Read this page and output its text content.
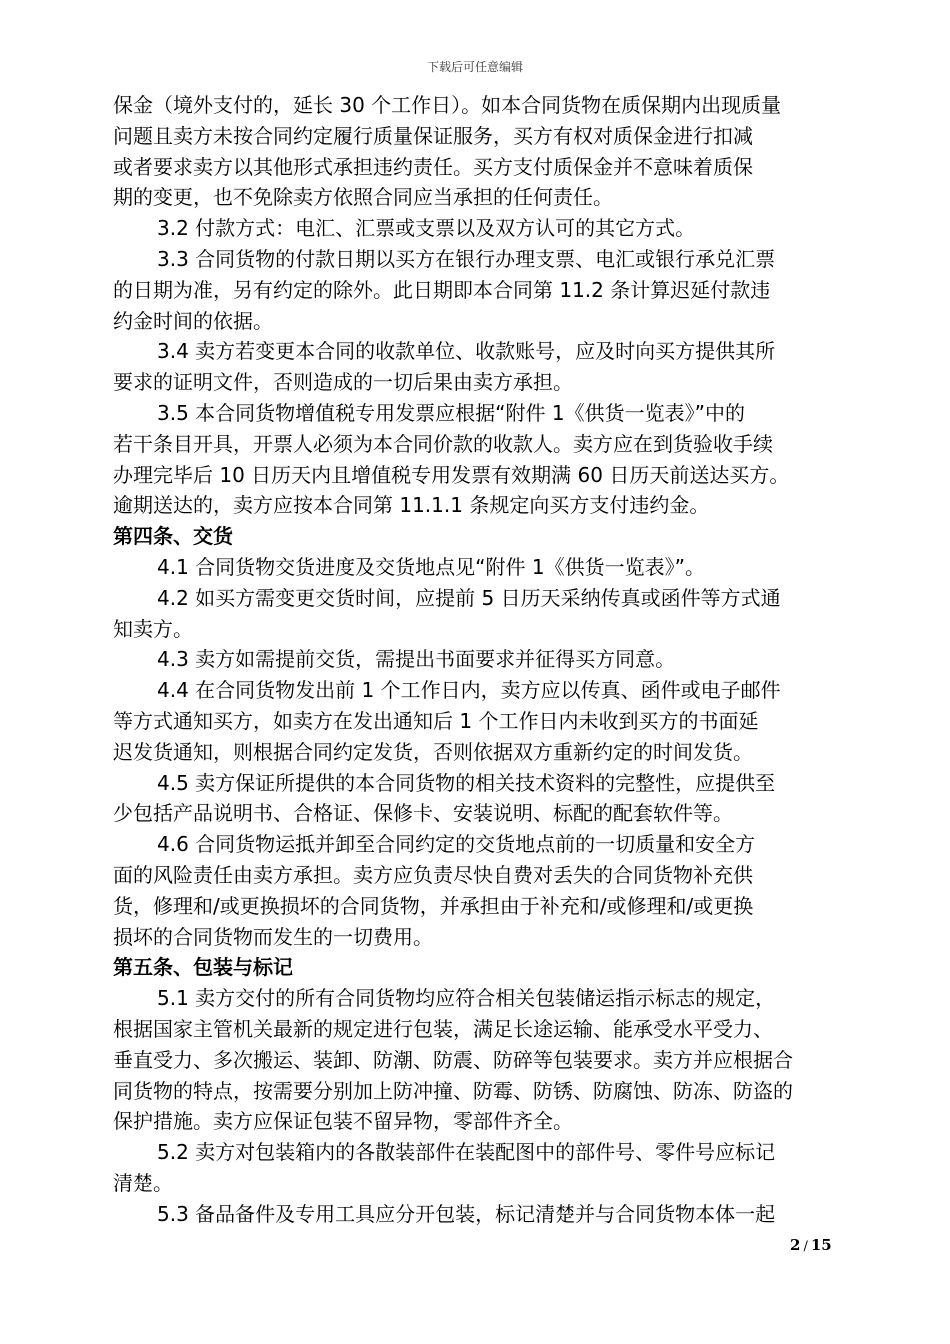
下载后可任意编辑
保金（境外支付的，延长 30 个工作日）。如本合同货物在质保期内出现质量
问题且卖方未按合同约定履行质量保证服务，买方有权对质保金进行扣减
或者要求卖方以其他形式承担违约责任。买方支付质保金并不意味着质保
期的变更，也不免除卖方依照合同应当承担的任何责任。
3.2 付款方式：电汇、汇票或支票以及双方认可的其它方式。
3.3 合同货物的付款日期以买方在银行办理支票、电汇或银行承兑汇票
的日期为准，另有约定的除外。此日期即本合同第 11.2 条计算迟延付款违
约金时间的依据。
3.4 卖方若变更本合同的收款单位、收款账号，应及时向买方提供其所
要求的证明文件，否则造成的一切后果由卖方承担。
3.5 本合同货物增值税专用发票应根据“附件 1《供货一览表》”中的
若干条目开具，开票人必须为本合同价款的收款人。卖方应在到货验收手续
办理完毕后 10 日历天内且增值税专用发票有效期满 60 日历天前送达买方。
逾期送达的，卖方应按本合同第 11.1.1 条规定向买方支付违约金。
第四条、交货
4.1 合同货物交货进度及交货地点见“附件 1《供货一览表》”。
4.2 如买方需变更交货时间，应提前 5 日历天采纳传真或函件等方式通
知卖方。
4.3 卖方如需提前交货，需提出书面要求并征得买方同意。
4.4 在合同货物发出前 1 个工作日内，卖方应以传真、函件或电子邮件
等方式通知买方，如卖方在发出通知后 1 个工作日内未收到买方的书面延
迟发货通知，则根据合同约定发货，否则依据双方重新约定的时间发货。
4.5 卖方保证所提供的本合同货物的相关技术资料的完整性，应提供至
少包括产品说明书、合格证、保修卡、安装说明、标配的配套软件等。
4.6 合同货物运抵并卸至合同约定的交货地点前的一切质量和安全方
面的风险责任由卖方承担。卖方应负责尽快自费对丢失的合同货物补充供
货，修理和/或更换损坏的合同货物，并承担由于补充和/或修理和/或更换
损坏的合同货物而发生的一切费用。
第五条、包装与标记
5.1 卖方交付的所有合同货物均应符合相关包装储运指示标志的规定，
根据国家主管机关最新的规定进行包装，满足长途运输、能承受水平受力、
垂直受力、多次搬运、装卸、防潮、防震、防碎等包装要求。卖方并应根据合
同货物的特点，按需要分别加上防冲撞、防霉、防锈、防腐蚀、防冻、防盗的
保护措施。卖方应保证包装不留异物，零部件齐全。
5.2 卖方对包装箱内的各散装部件在装配图中的部件号、零件号应标记
清楚。
5.3 备品备件及专用工具应分开包装，标记清楚并与合同货物本体一起
2 / 15
